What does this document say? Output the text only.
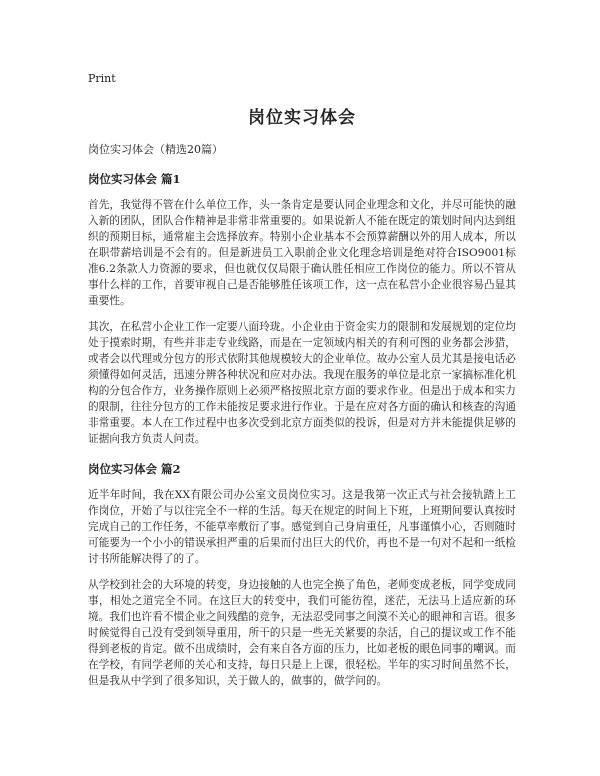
Print
岗位实习体会

岗位实习体会（精选20篇）

岗位实习体会 篇1

首先，我觉得不管在什么单位工作，头一条肯定是要认同企业理念和文化，并尽可能快的融入新的团队，团队合作精神是非常非常重要的。如果说新人不能在既定的策划时间内达到组织的预期目标，通常雇主会选择放弃。特别小企业基本不会预算薪酬以外的用人成本，所以在职带薪培训是不会有的。但是新进员工入职前企业文化理念培训是绝对符合ISO9001标准6.2条款人力资源的要求，但也就仅仅局限于确认胜任相应工作岗位的能力。所以不管从事什么样的工作，首要审视自己是否能够胜任该项工作，这一点在私营小企业很容易凸显其重要性。

其次，在私营小企业工作一定要八面玲珑。小企业由于资金实力的限制和发展规划的定位均处于摸索时期，有些并非走专业线路，而是在一定领域内相关的有利可图的业务都会涉猎，或者会以代理或分包方的形式依附其他规模较大的企业单位。故办公室人员尤其是接电话必须懂得如何灵活，迅速分辨各种状况和应对办法。我现在服务的单位是北京一家搞标准化机构的分包合作方，业务操作原则上必须严格按照北京方面的要求作业。但是出于成本和实力的限制，往往分包方的工作未能按足要求进行作业。于是在应对各方面的确认和核查的沟通非常重要。本人在工作过程中也多次受到北京方面类似的投诉，但是对方并未能提供足够的证据向我方负责人问责。

岗位实习体会 篇2

近半年时间，我在XX有限公司办公室文员岗位实习。这是我第一次正式与社会接轨踏上工作岗位，开始了与以往完全不一样的生活。每天在规定的时间上下班，上班期间要认真按时完成自己的工作任务，不能草率敷衍了事。感觉到自己身肩重任，凡事谨慎小心，否则随时可能要为一个小小的错误承担严重的后果而付出巨大的代价，再也不是一句对不起和一纸检讨书所能解决得了的了。

从学校到社会的大环境的转变，身边接触的人也完全换了角色，老师变成老板，同学变成同事，相处之道完全不同。在这巨大的转变中，我们可能彷徨，迷茫，无法马上适应新的环境。我们也许看不惯企业之间残酷的竞争，无法忍受同事之间漠不关心的眼神和言语。很多时候觉得自己没有受到领导重用，所干的只是一些无关紧要的杂活，自己的提议或工作不能得到老板的肯定。做不出成绩时，会有来自各方面的压力，比如老板的眼色同事的嘲讽。而在学校，有同学老师的关心和支持，每日只是上上课，很轻松。半年的实习时间虽然不长，但是我从中学到了很多知识，关于做人的，做事的，做学问的。
